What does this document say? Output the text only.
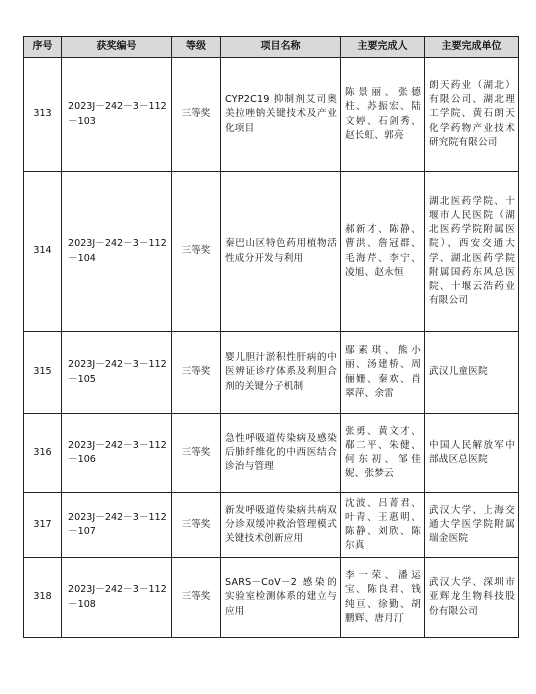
序号	获奖编号	等级	项目名称	主要完成人	主要完成单位
313	2023J－242－3－112－103	三等奖	CYP2C19 抑制剂艾司奥美拉唑钠关键技术及产业化项目	陈景丽、张德柱、苏振宏、陆文婷、石剑秀、赵长虹、郭亮	朗天药业（湖北）有限公司、湖北理工学院、黄石朗天化学药物产业技术研究院有限公司
314	2023J－242－3－112－104	三等奖	秦巴山区特色药用植物活性成分开发与利用	郝新才、陈静、曹洪、詹冠群、毛海芹、李宁、凌旭、赵永恒	湖北医药学院、十堰市人民医院（湖北医药学院附属医院）、西安交通大学、湖北医药学院附属国药东风总医院、十堰云浩药业有限公司
315	2023J－242－3－112－105	三等奖	婴儿胆汁淤积性肝病的中医辨证诊疗体系及利胆合剂的关键分子机制	鄢素琪、熊小丽、汤建桥、周俪姗、秦欢、肖翠萍、余雷	武汉儿童医院
316	2023J－242－3－112－106	三等奖	急性呼吸道传染病及感染后肺纤维化的中西医结合诊治与管理	张勇、黄文才、郗二平、朱健、何东初、邹佳妮、张梦云	中国人民解放军中部战区总医院
317	2023J－242－3－112－107	三等奖	新发呼吸道传染病共病双分诊双缓冲救治管理模式关键技术创新应用	沈波、吕菁君、叶青、王惠明、陈静、刘欣、陈尔真	武汉大学、上海交通大学医学院附属瑞金医院
318	2023J－242－3－112－108	三等奖	SARS－CoV－2 感染的实验室检测体系的建立与应用	李一荣、潘运宝、陈良君、钱纯亘、徐勤、胡鹏辉、唐月汀	武汉大学、深圳市亚辉龙生物科技股份有限公司
